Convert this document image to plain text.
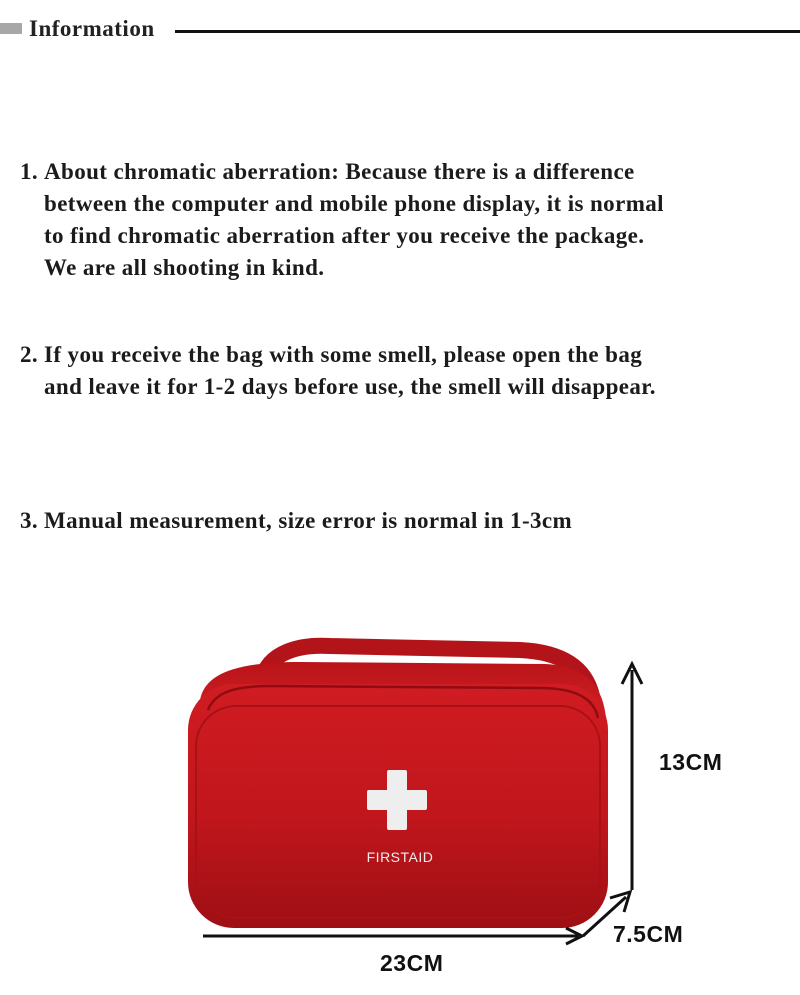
Information
1. About chromatic aberration: Because there is a difference
between the computer and mobile phone display, it is normal
to find chromatic aberration after you receive the package.
We are all shooting in kind.
2. If you receive the bag with some smell, please open the bag
and leave it for 1-2 days before use, the smell will disappear.
3. Manual measurement, size error is normal in 1-3cm
FIRSTAID
13CM
7.5CM
23CM
